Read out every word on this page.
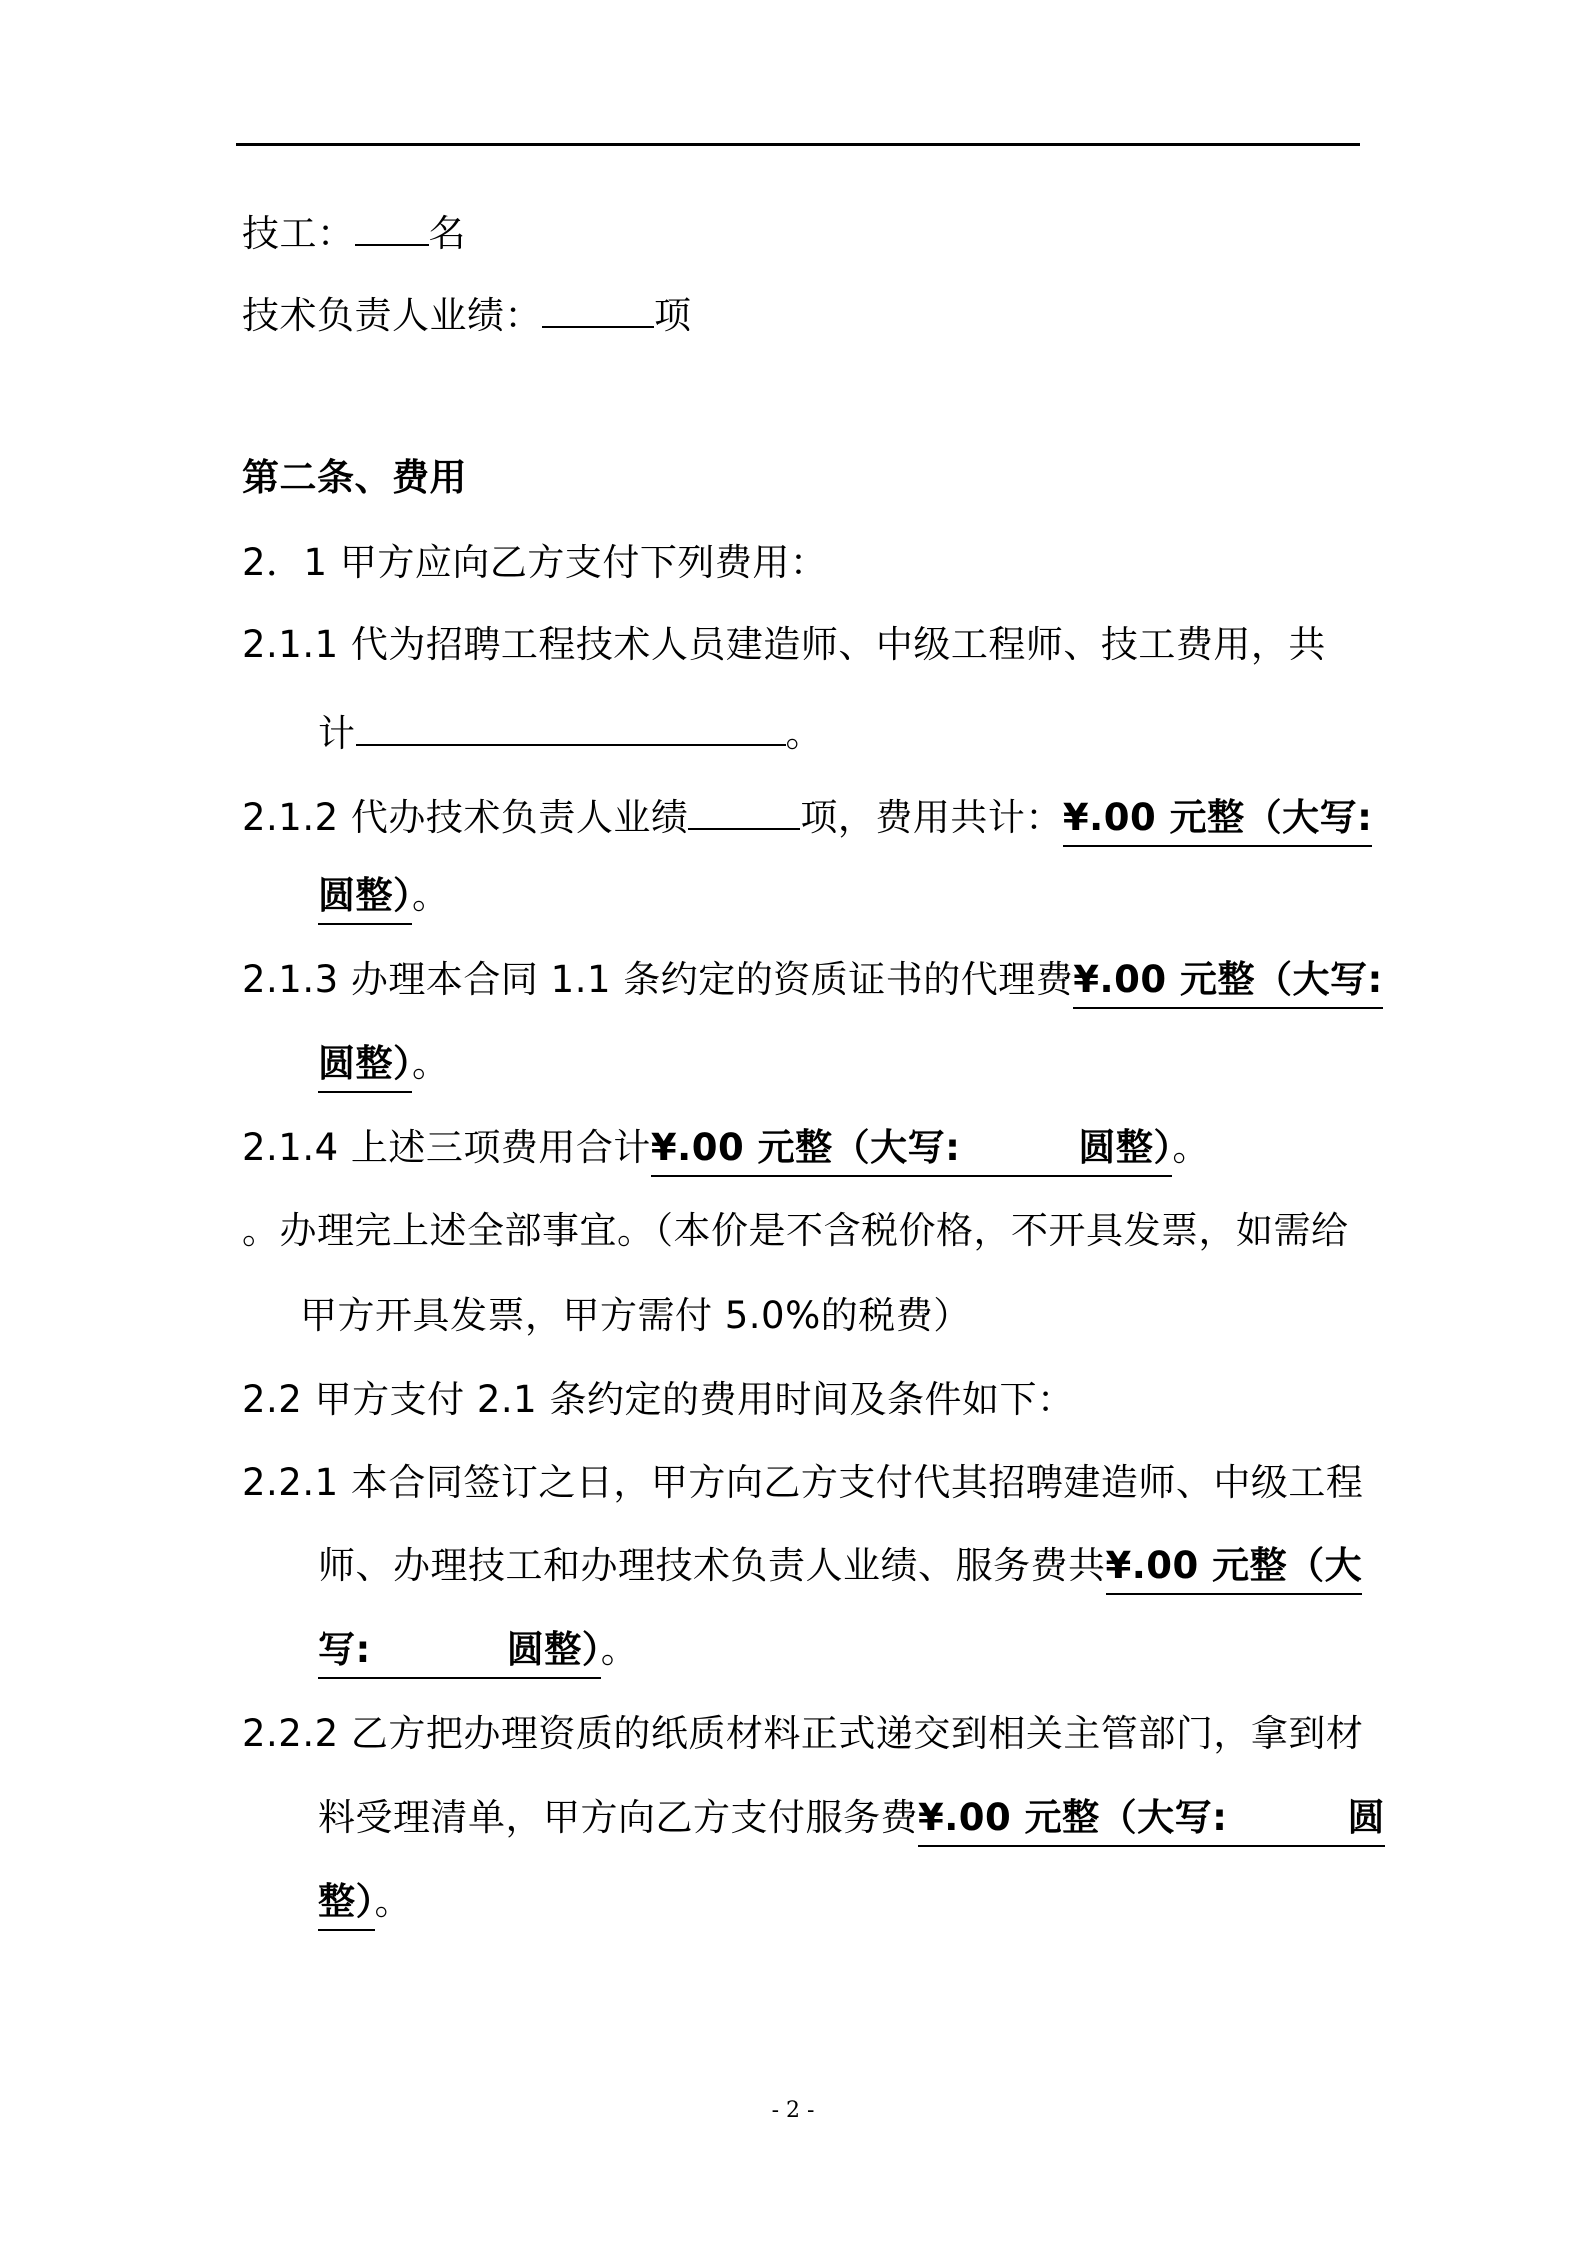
技工： 名
技术负责人业绩：	项
第二条、费用
2．1 甲方应向乙方支付下列费用：
2.1.1 代为招聘工程技术人员建造师、中级工程师、技工费用，共
计	。
2.1.2 代办技术负责人业绩	项，费用共计：¥.00 元整（大写:
圆整）。
2.1.3 办理本合同 1.1 条约定的资质证书的代理费¥.00 元整（大写:
圆整）。
2.1.4 上述三项费用合计¥.00 元整（大写:	圆整）。
。办理完上述全部事宜。（本价是不含税价格，不开具发票，如需给
甲方开具发票，甲方需付 5.0%的税费）
2.2 甲方支付 2.1 条约定的费用时间及条件如下：
2.2.1 本合同签订之日，甲方向乙方支付代其招聘建造师、中级工程
师、办理技工和办理技术负责人业绩、服务费共¥.00 元整（大
写:	圆整）。
2.2.2 乙方把办理资质的纸质材料正式递交到相关主管部门，拿到材
料受理清单，甲方向乙方支付服务费¥.00 元整（大写:	圆
整）。
- 2 -
